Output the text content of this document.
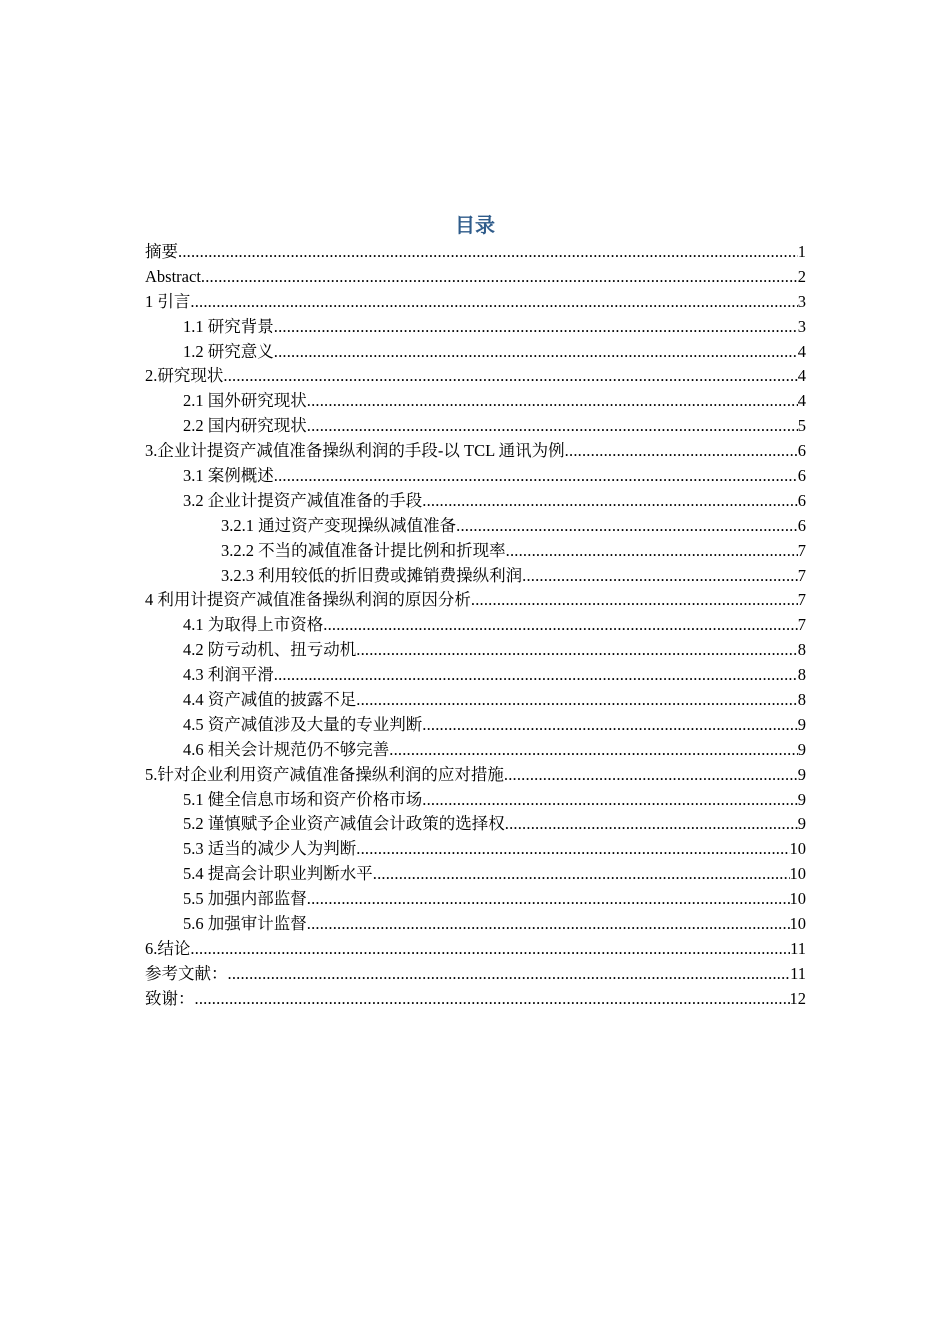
目录
摘要 .....	1
Abstract .....	2
1 引言 .....	3
1.1 研究背景 .....	3
1.2 研究意义 .....	4
2.研究现状 .....	4
2.1 国外研究现状 .....	4
2.2 国内研究现状 .....	5
3.企业计提资产减值准备操纵利润的手段-以 TCL 通讯为例 .....	6
3.1 案例概述 .....	6
3.2 企业计提资产减值准备的手段 .....	6
3.2.1 通过资产变现操纵减值准备 .....	6
3.2.2 不当的减值准备计提比例和折现率 .....	7
3.2.3 利用较低的折旧费或摊销费操纵利润 .....	7
4 利用计提资产减值准备操纵利润的原因分析 .....	7
4.1 为取得上市资格 .....	7
4.2 防亏动机、扭亏动机 .....	8
4.3 利润平滑 .....	8
4.4 资产减值的披露不足 .....	8
4.5 资产减值涉及大量的专业判断 .....	9
4.6 相关会计规范仍不够完善 .....	9
5.针对企业利用资产减值准备操纵利润的应对措施 .....	9
5.1 健全信息市场和资产价格市场 .....	9
5.2 谨慎赋予企业资产减值会计政策的选择权 .....	9
5.3 适当的减少人为判断 .....	10
5.4 提高会计职业判断水平 .....	10
5.5 加强内部监督 .....	10
5.6 加强审计监督 .....	10
6.结论 .....	11
参考文献： .....	11
致谢： .....	12
